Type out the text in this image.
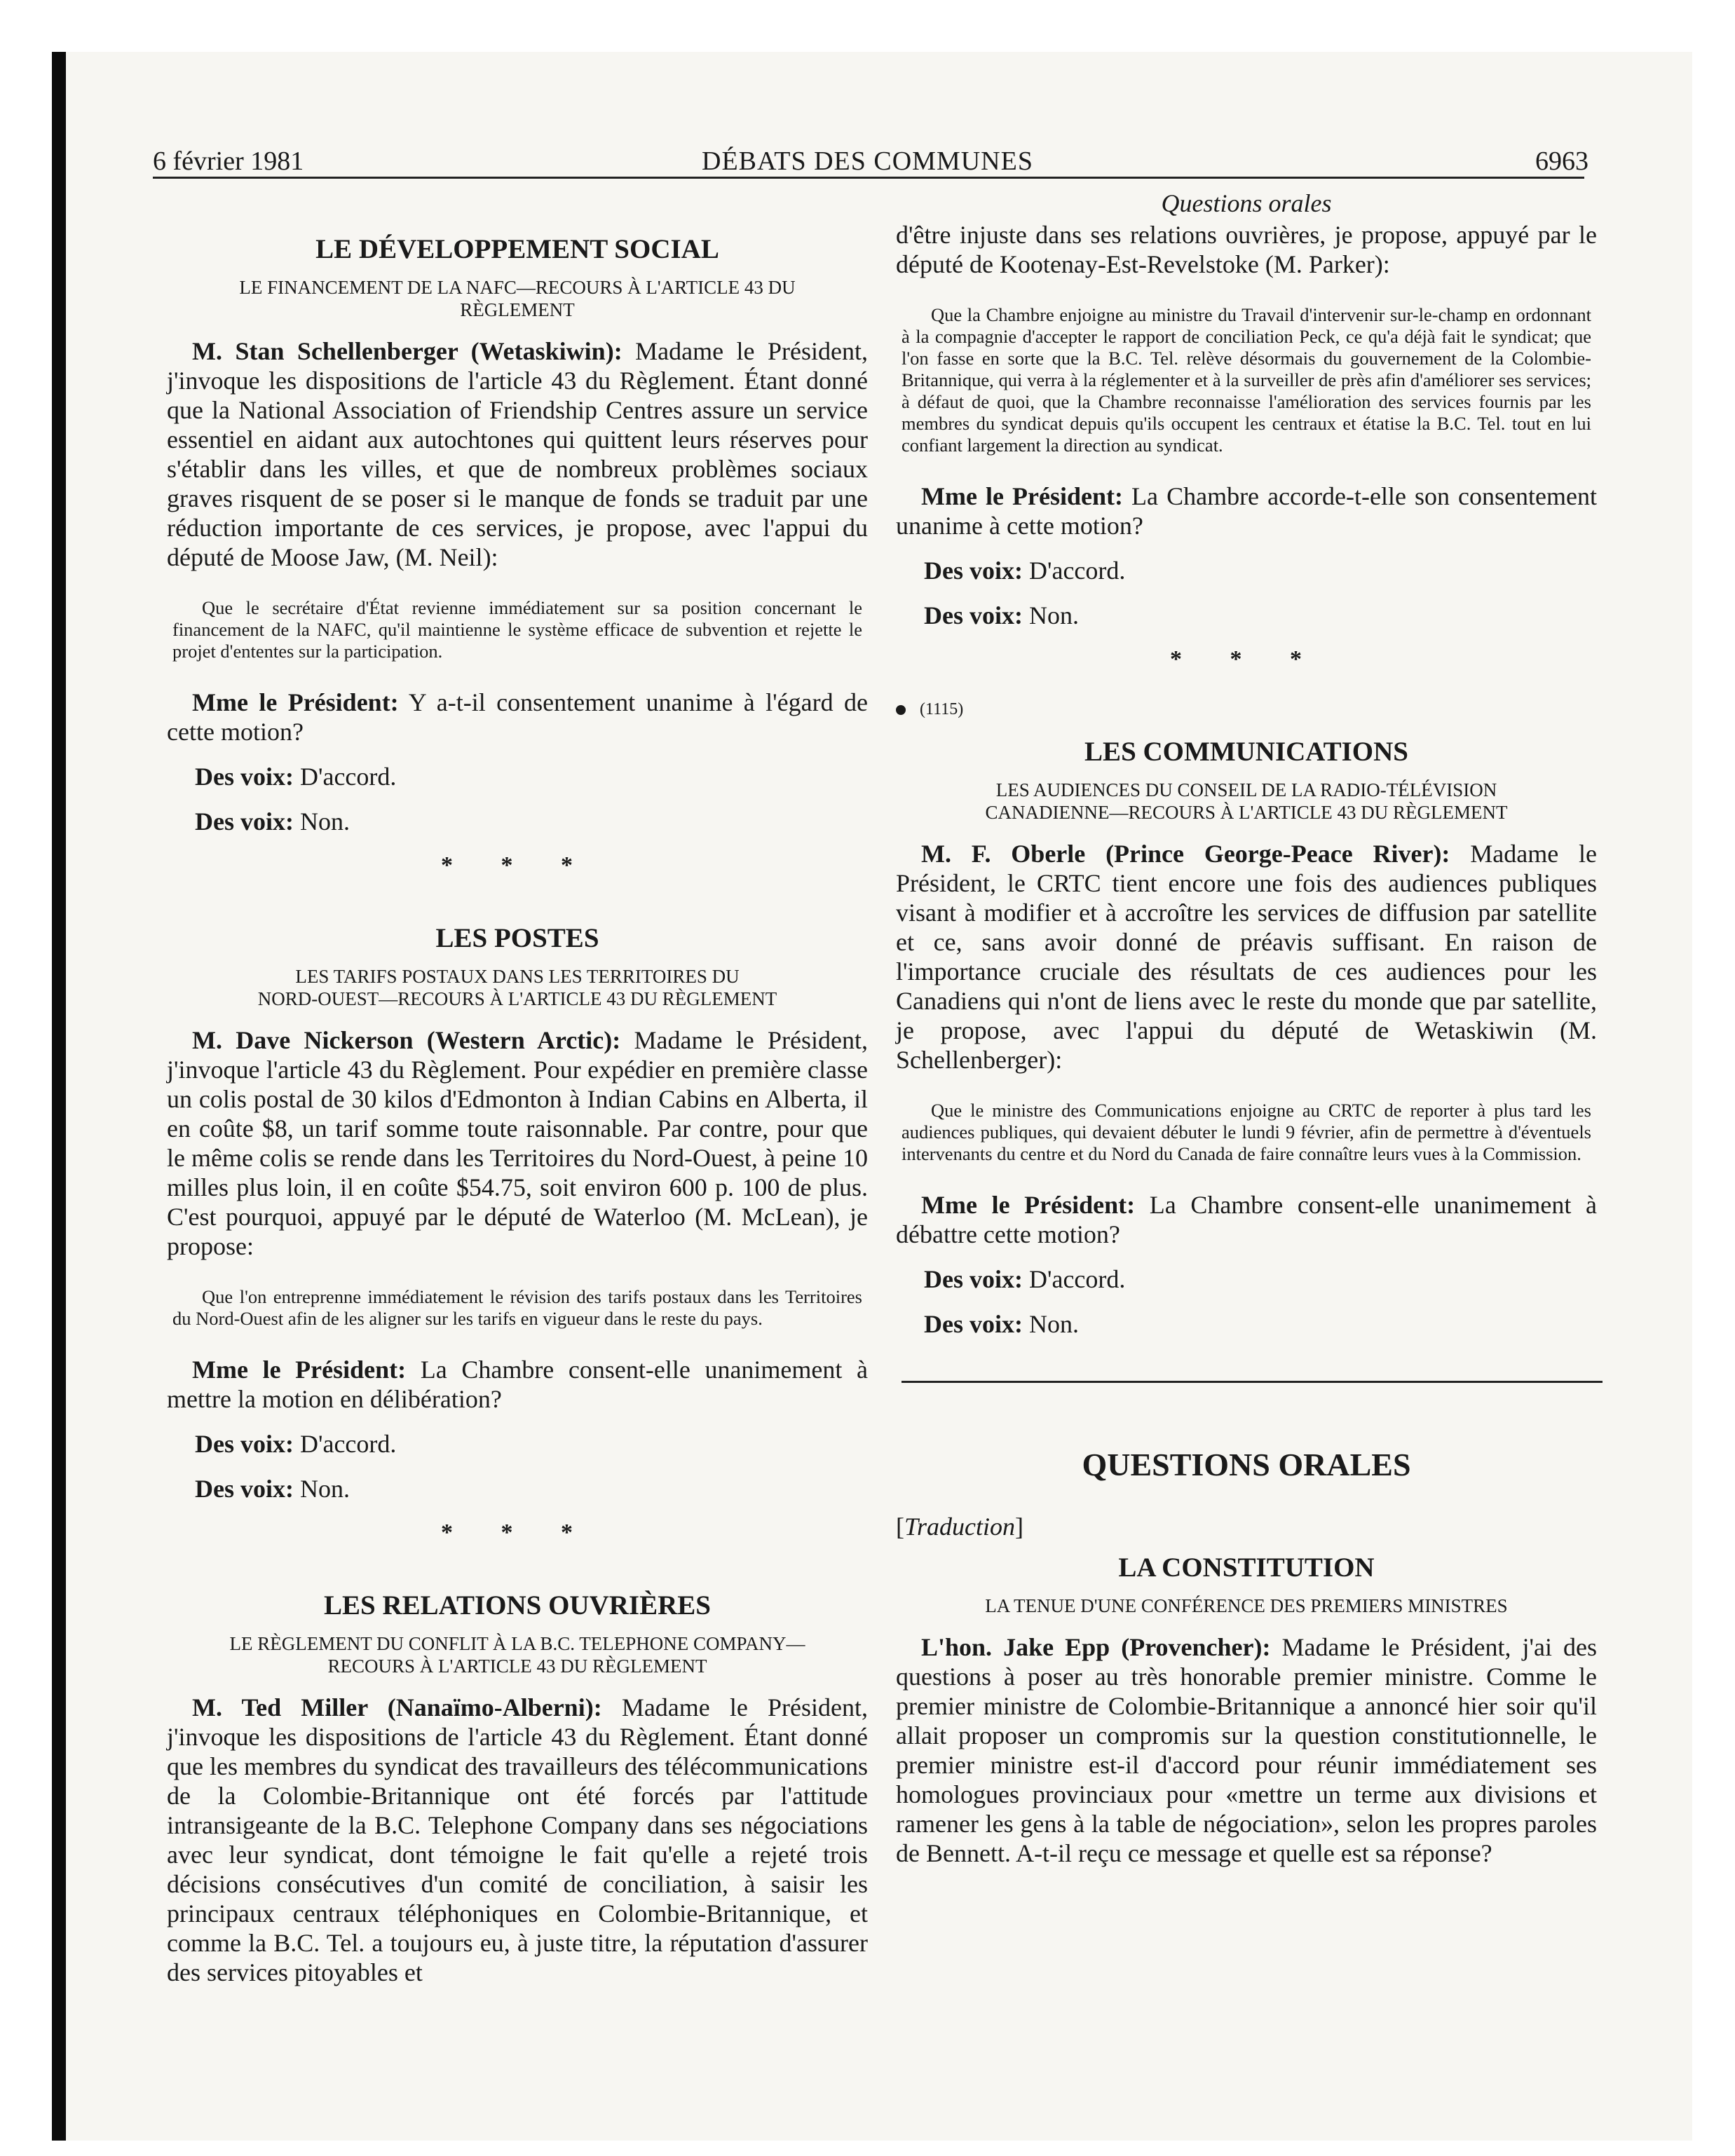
6 février 1981	DÉBATS DES COMMUNES	6963

LE DÉVELOPPEMENT SOCIAL

LE FINANCEMENT DE LA NAFC—RECOURS À L'ARTICLE 43 DU

RÈGLEMENT

M. Stan Schellenberger (Wetaskiwin): Madame le Président, j'invoque les dispositions de l'article 43 du Règlement. Étant donné que la National Association of Friendship Centres assure un service essentiel en aidant aux autochtones qui quittent leurs réserves pour s'établir dans les villes, et que de nombreux problèmes sociaux graves risquent de se poser si le manque de fonds se traduit par une réduction importante de ces services, je propose, avec l'appui du député de Moose Jaw, (M. Neil):

Que le secrétaire d'État revienne immédiatement sur sa position concernant le financement de la NAFC, qu'il maintienne le système efficace de subvention et rejette le projet d'ententes sur la participation.

Mme le Président: Y a-t-il consentement unanime à l'égard de cette motion?

Des voix: D'accord.

Des voix: Non.

* * *

LES POSTES

LES TARIFS POSTAUX DANS LES TERRITOIRES DU

NORD-OUEST—RECOURS À L'ARTICLE 43 DU RÈGLEMENT

M. Dave Nickerson (Western Arctic): Madame le Président, j'invoque l'article 43 du Règlement. Pour expédier en première classe un colis postal de 30 kilos d'Edmonton à Indian Cabins en Alberta, il en coûte $8, un tarif somme toute raisonnable. Par contre, pour que le même colis se rende dans les Territoires du Nord-Ouest, à peine 10 milles plus loin, il en coûte $54.75, soit environ 600 p. 100 de plus. C'est pourquoi, appuyé par le député de Waterloo (M. McLean), je propose:

Que l'on entreprenne immédiatement le révision des tarifs postaux dans les Territoires du Nord-Ouest afin de les aligner sur les tarifs en vigueur dans le reste du pays.

Mme le Président: La Chambre consent-elle unanimement à mettre la motion en délibération?

Des voix: D'accord.

Des voix: Non.

* * *

LES RELATIONS OUVRIÈRES

LE RÈGLEMENT DU CONFLIT À LA B.C. TELEPHONE COMPANY—

RECOURS À L'ARTICLE 43 DU RÈGLEMENT

M. Ted Miller (Nanaïmo-Alberni): Madame le Président, j'invoque les dispositions de l'article 43 du Règlement. Étant donné que les membres du syndicat des travailleurs des télécommunications de la Colombie-Britannique ont été forcés par l'attitude intransigeante de la B.C. Telephone Company dans ses négociations avec leur syndicat, dont témoigne le fait qu'elle a rejeté trois décisions consécutives d'un comité de conciliation, à saisir les principaux centraux téléphoniques en Colombie-Britannique, et comme la B.C. Tel. a toujours eu, à juste titre, la réputation d'assurer des services pitoyables et

Questions orales

d'être injuste dans ses relations ouvrières, je propose, appuyé par le député de Kootenay-Est-Revelstoke (M. Parker):

Que la Chambre enjoigne au ministre du Travail d'intervenir sur-le-champ en ordonnant à la compagnie d'accepter le rapport de conciliation Peck, ce qu'a déjà fait le syndicat; que l'on fasse en sorte que la B.C. Tel. relève désormais du gouvernement de la Colombie-Britannique, qui verra à la réglementer et à la surveiller de près afin d'améliorer ses services; à défaut de quoi, que la Chambre reconnaisse l'amélioration des services fournis par les membres du syndicat depuis qu'ils occupent les centraux et étatise la B.C. Tel. tout en lui confiant largement la direction au syndicat.

Mme le Président: La Chambre accorde-t-elle son consentement unanime à cette motion?

Des voix: D'accord.

Des voix: Non.

* * *

(1115)

LES COMMUNICATIONS

LES AUDIENCES DU CONSEIL DE LA RADIO-TÉLÉVISION

CANADIENNE—RECOURS À L'ARTICLE 43 DU RÈGLEMENT

M. F. Oberle (Prince George-Peace River): Madame le Président, le CRTC tient encore une fois des audiences publiques visant à modifier et à accroître les services de diffusion par satellite et ce, sans avoir donné de préavis suffisant. En raison de l'importance cruciale des résultats de ces audiences pour les Canadiens qui n'ont de liens avec le reste du monde que par satellite, je propose, avec l'appui du député de Wetaskiwin (M. Schellenberger):

Que le ministre des Communications enjoigne au CRTC de reporter à plus tard les audiences publiques, qui devaient débuter le lundi 9 février, afin de permettre à d'éventuels intervenants du centre et du Nord du Canada de faire connaître leurs vues à la Commission.

Mme le Président: La Chambre consent-elle unanimement à débattre cette motion?

Des voix: D'accord.

Des voix: Non.

QUESTIONS ORALES

[Traduction]

LA CONSTITUTION

LA TENUE D'UNE CONFÉRENCE DES PREMIERS MINISTRES

L'hon. Jake Epp (Provencher): Madame le Président, j'ai des questions à poser au très honorable premier ministre. Comme le premier ministre de Colombie-Britannique a annoncé hier soir qu'il allait proposer un compromis sur la question constitutionnelle, le premier ministre est-il d'accord pour réunir immédiatement ses homologues provinciaux pour «mettre un terme aux divisions et ramener les gens à la table de négociation», selon les propres paroles de Bennett. A-t-il reçu ce message et quelle est sa réponse?
